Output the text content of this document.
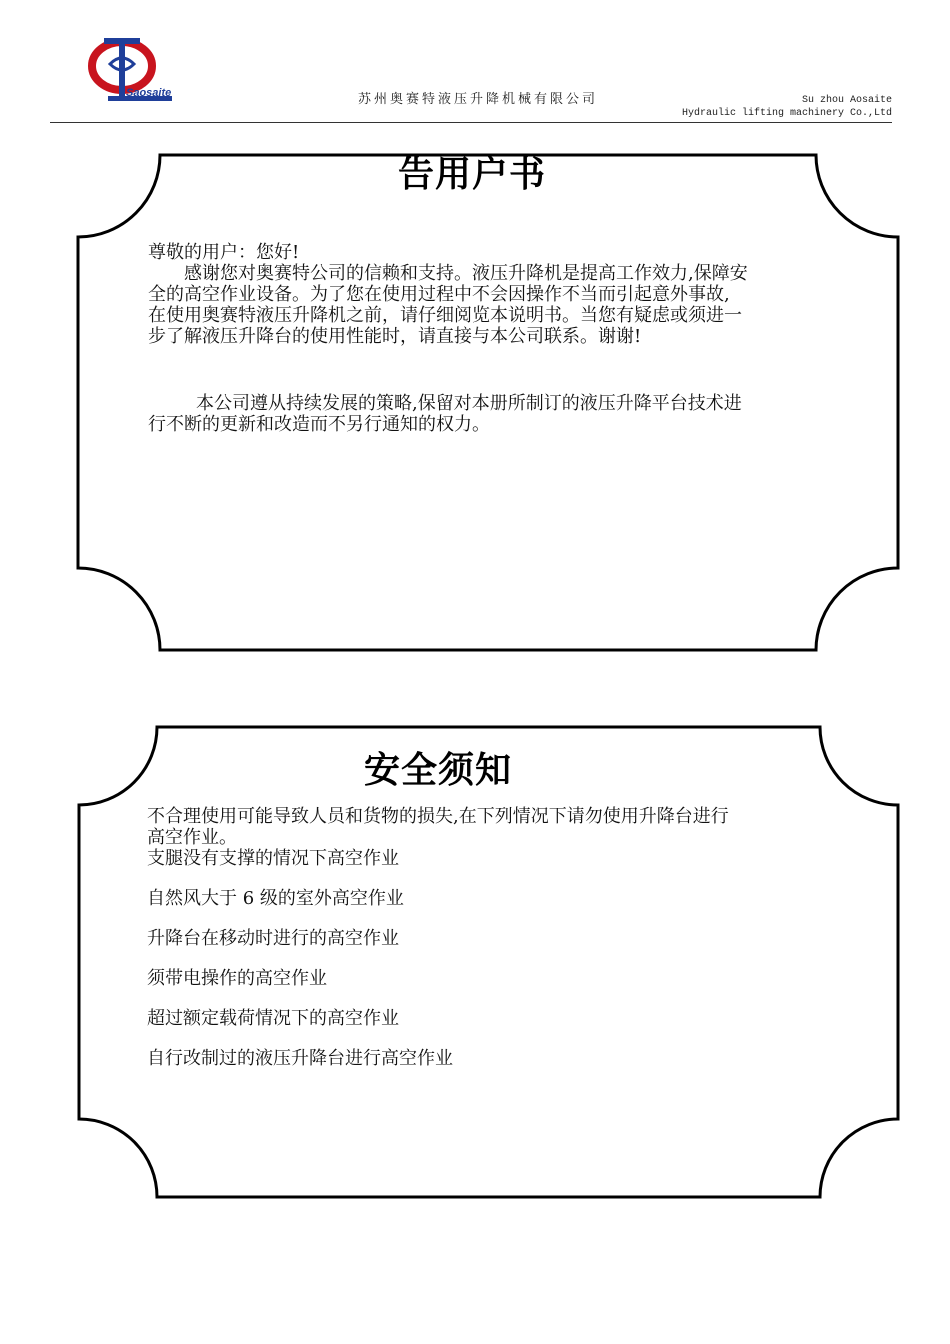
Saosaite	苏州奥赛特液压升降机械有限公司	Su zhou Aosaite
Hydraulic lifting machinery Co.,Ltd
告用户书
尊敬的用户：您好!
感谢您对奥赛特公司的信赖和支持。液压升降机是提高工作效力,保障安
全的高空作业设备。为了您在使用过程中不会因操作不当而引起意外事故,
在使用奥赛特液压升降机之前，请仔细阅览本说明书。当您有疑虑或须进一
步了解液压升降台的使用性能时，请直接与本公司联系。谢谢!
本公司遵从持续发展的策略,保留对本册所制订的液压升降平台技术进
行不断的更新和改造而不另行通知的权力。
安全须知
不合理使用可能导致人员和货物的损失,在下列情况下请勿使用升降台进行
高空作业。
支腿没有支撑的情况下高空作业
自然风大于 6 级的室外高空作业
升降台在移动时进行的高空作业
须带电操作的高空作业
超过额定载荷情况下的高空作业
自行改制过的液压升降台进行高空作业
